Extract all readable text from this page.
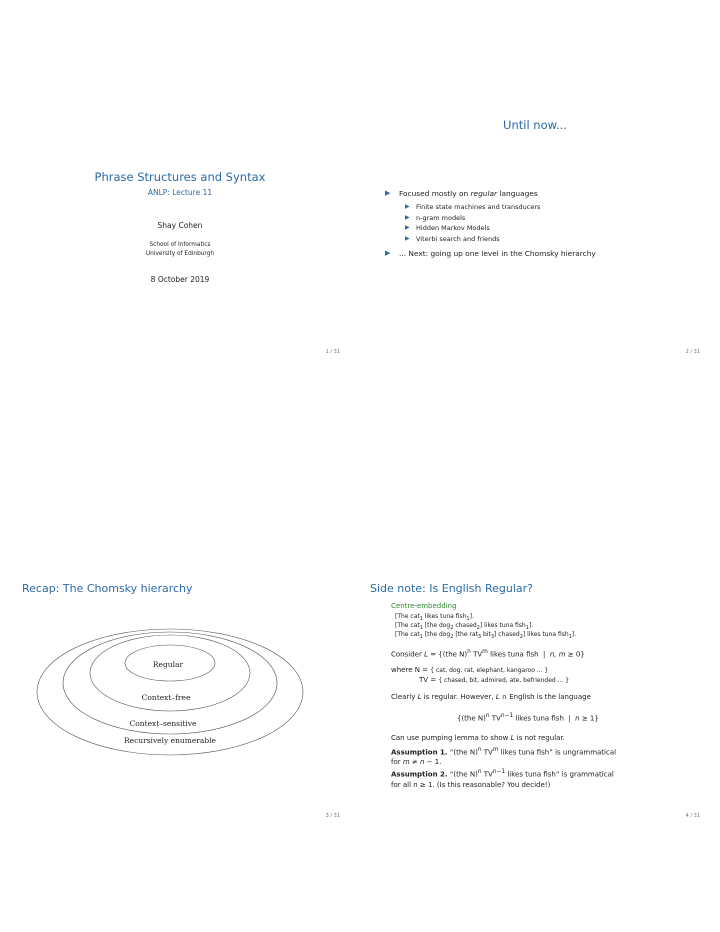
Phrase Structures and Syntax
ANLP: Lecture 11
Shay Cohen
School of Informatics
University of Edinburgh
8 October 2019
1 / 31
Until now...
▶ Focused mostly on regular languages
▶ Finite state machines and transducers
▶ n-gram models
▶ Hidden Markov Models
▶ Viterbi search and friends
▶ ... Next: going up one level in the Chomsky hierarchy
2 / 31
Recap: The Chomsky hierarchy
Regular
Context–free
Context–sensitive
Recursively enumerable
3 / 31
Side note: Is English Regular?
Centre-embedding
[The cat$_1$ likes tuna fish$_1$].
[The cat$_1$ [the dog$_2$ chased$_2$] likes tuna fish$_1$].
[The cat$_1$ [the dog$_2$ [the rat$_3$ bit$_3$] chased$_2$] likes tuna fish$_1$].
Consider L = {(the N)$^n$ $TV^m$ likes tuna fish  |  n, m ≥ 0}
where N = { cat, dog, rat, elephant, kangaroo ... }
TV = { chased, bit, admired, ate, befriended ... }
Clearly L is regular. However, L ∩ English is the language
{(the N)$^n$ $TV^{n-1}$ likes tuna fish  |  n ≥ 1}
Can use pumping lemma to show L is not regular.
Assumption 1. “(the N)$^n$ $TV^m$ likes tuna fish” is ungrammatical
for m ≠ n − 1.
Assumption 2. “(the N)$^n$ $TV^{n-1}$ likes tuna fish” is grammatical
for all n ≥ 1. (Is this reasonable? You decide!)
4 / 31
